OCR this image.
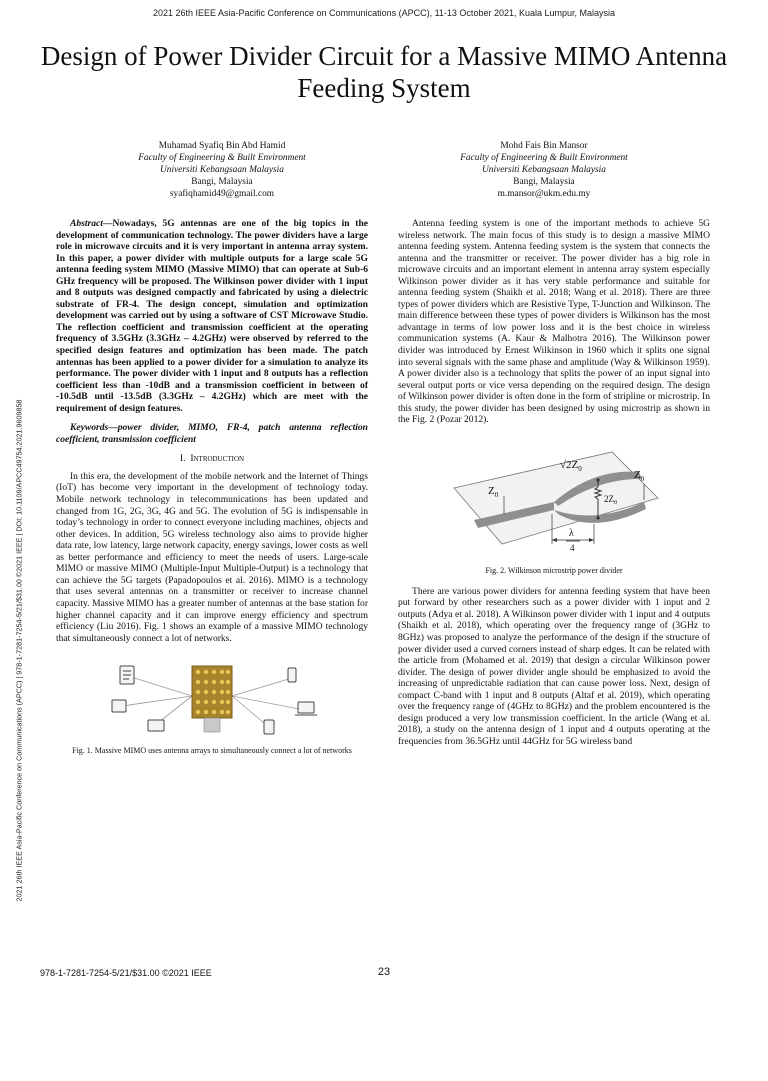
2021 26th IEEE Asia-Pacific Conference on Communications (APCC), 11-13 October 2021, Kuala Lumpur, Malaysia
Design of Power Divider Circuit for a Massive MIMO Antenna Feeding System
Muhamad Syafiq Bin Abd Hamid
Faculty of Engineering & Built Environment
Universiti Kebangsaan Malaysia
Bangi, Malaysia
syafiqhamid49@gmail.com
Mohd Fais Bin Mansor
Faculty of Engineering & Built Environment
Universiti Kebangsaan Malaysia
Bangi, Malaysia
m.mansor@ukm.edu.my

Abstract—Nowadays, 5G antennas are one of the big topics in the development of communication technology. The power dividers have a large role in microwave circuits and it is very important in antenna array system. In this paper, a power divider with multiple outputs for a large scale 5G antenna feeding system MIMO (Massive MIMO) that can operate at Sub-6 GHz frequency will be proposed. The Wilkinson power divider with 1 input and 8 outputs was designed compactly and fabricated by using a dielectric substrate of FR-4. The design concept, simulation and optimization development was carried out by using a software of CST Microwave Studio. The reflection coefficient and transmission coefficient at the operating frequency of 3.5GHz (3.3GHz – 4.2GHz) were observed by referred to the specified design features and optimization has been made. The patch antennas has been applied to a power divider for a simulation to analyze its performance. The power divider with 1 input and 8 outputs has a reflection coefficient less than -10dB and a transmission coefficient in between of -10.5dB until -13.5dB (3.3GHz – 4.2GHz) which are meet with the requirement of design features.

Keywords—power divider, MIMO, FR-4, patch antenna reflection coefficient, transmission coefficient

I. Introduction

In this era, the development of the mobile network and the Internet of Things (IoT) has become very important in the development of technology today. Mobile network technology in telecommunications has been updated and changed from 1G, 2G, 3G, 4G and 5G. The evolution of 5G is indispensable in today’s technology in order to connect everyone including machines, objects and other devices. In addition, 5G wireless technology also aims to provide higher data rate, low latency, large network capacity, energy savings, lower costs as well as better performance and efficiency to meet the needs of users. Large-scale MIMO or massive MIMO (Multiple-Input Multiple-Output) is a technology that can achieve the 5G targets (Papadopoulos et al. 2016). MIMO is a technology that uses several antennas on a transmitter or receiver to increase channel capacity. Massive MIMO has a greater number of antennas at the base station for higher channel capacity and it can improve energy efficiency and spectrum efficiency (Liu 2016). Fig. 1 shows an example of a massive MIMO technology that simultaneously connect a lot of networks.

Fig. 1. Massive MIMO uses antenna arrays to simultaneously connect a lot of networks

Antenna feeding system is one of the important methods to achieve 5G wireless network. The main focus of this study is to design a massive MIMO antenna feeding system. Antenna feeding system is the system that connects the antenna and the transmitter or receiver. The power divider has a big role in microwave circuits and an important element in antenna array system especially Wilkinson power divider as it has very stable performance and suitable for antenna feeding system (Shaikh et al. 2018; Wang et al. 2018). There are three types of power dividers which are Resistive Type, T-Junction and Wilkinson. The main difference between these types of power dividers is Wilkinson has the most advantage in terms of low power loss and it is the best choice in wireless communication systems (A. Kaur & Malhotra 2016). The Wilkinson power divider was introduced by Ernest Wilkinson in 1960 which it splits one signal into several signals with the same phase and amplitude (Way & Wilkinson 1959). A power divider also is a technology that splits the power of an input signal into several output ports or vice versa depending on the required design. The design of Wilkinson power divider is often done in the form of stripline or microstrip. In this study, the power divider has been designed by using microstrip as shown in the Fig. 2 (Pozar 2012).

$Z_0$
$√2Z_0$	$Z_0$
$2Z_0$
λ
4
Fig. 2. Wilkinson microstrip power divider

There are various power dividers for antenna feeding system that have been put forward by other researchers such as a power divider with 1 input and 2 outputs (Adya et al. 2018). A Wilkinson power divider with 1 input and 4 outputs (Shaikh et al. 2018), which operating over the frequency range of (3GHz to 8GHz) was proposed to analyze the performance of the design if the structure of power divider used a curved corners instead of sharp edges. It can be related with the article from (Mohamed et al. 2019) that design a circular Wilkinson power divider. The design of power divider angle should be emphasized to avoid the increasing of unpredictable radiation that can cause power loss. Next, design of compact C-band with 1 input and 8 outputs (Altaf et al. 2019), which operating over the frequency range of (4GHz to 8GHz) and the problem encountered is the design produced a very low transmission coefficient. In the article (Wang et al. 2018), a study on the antenna design of 1 input and 4 outputs operating at the frequencies from 36.5GHz until 44GHz for 5G wireless band

2021 26th IEEE Asia-Pacific Conference on Communications (APCC) | 978-1-7281-7254-5/21/$31.00 ©2021 IEEE | DOI: 10.1109/APCC49754.2021.9609858
978-1-7281-7254-5/21/$31.00 ©2021 IEEE	23
